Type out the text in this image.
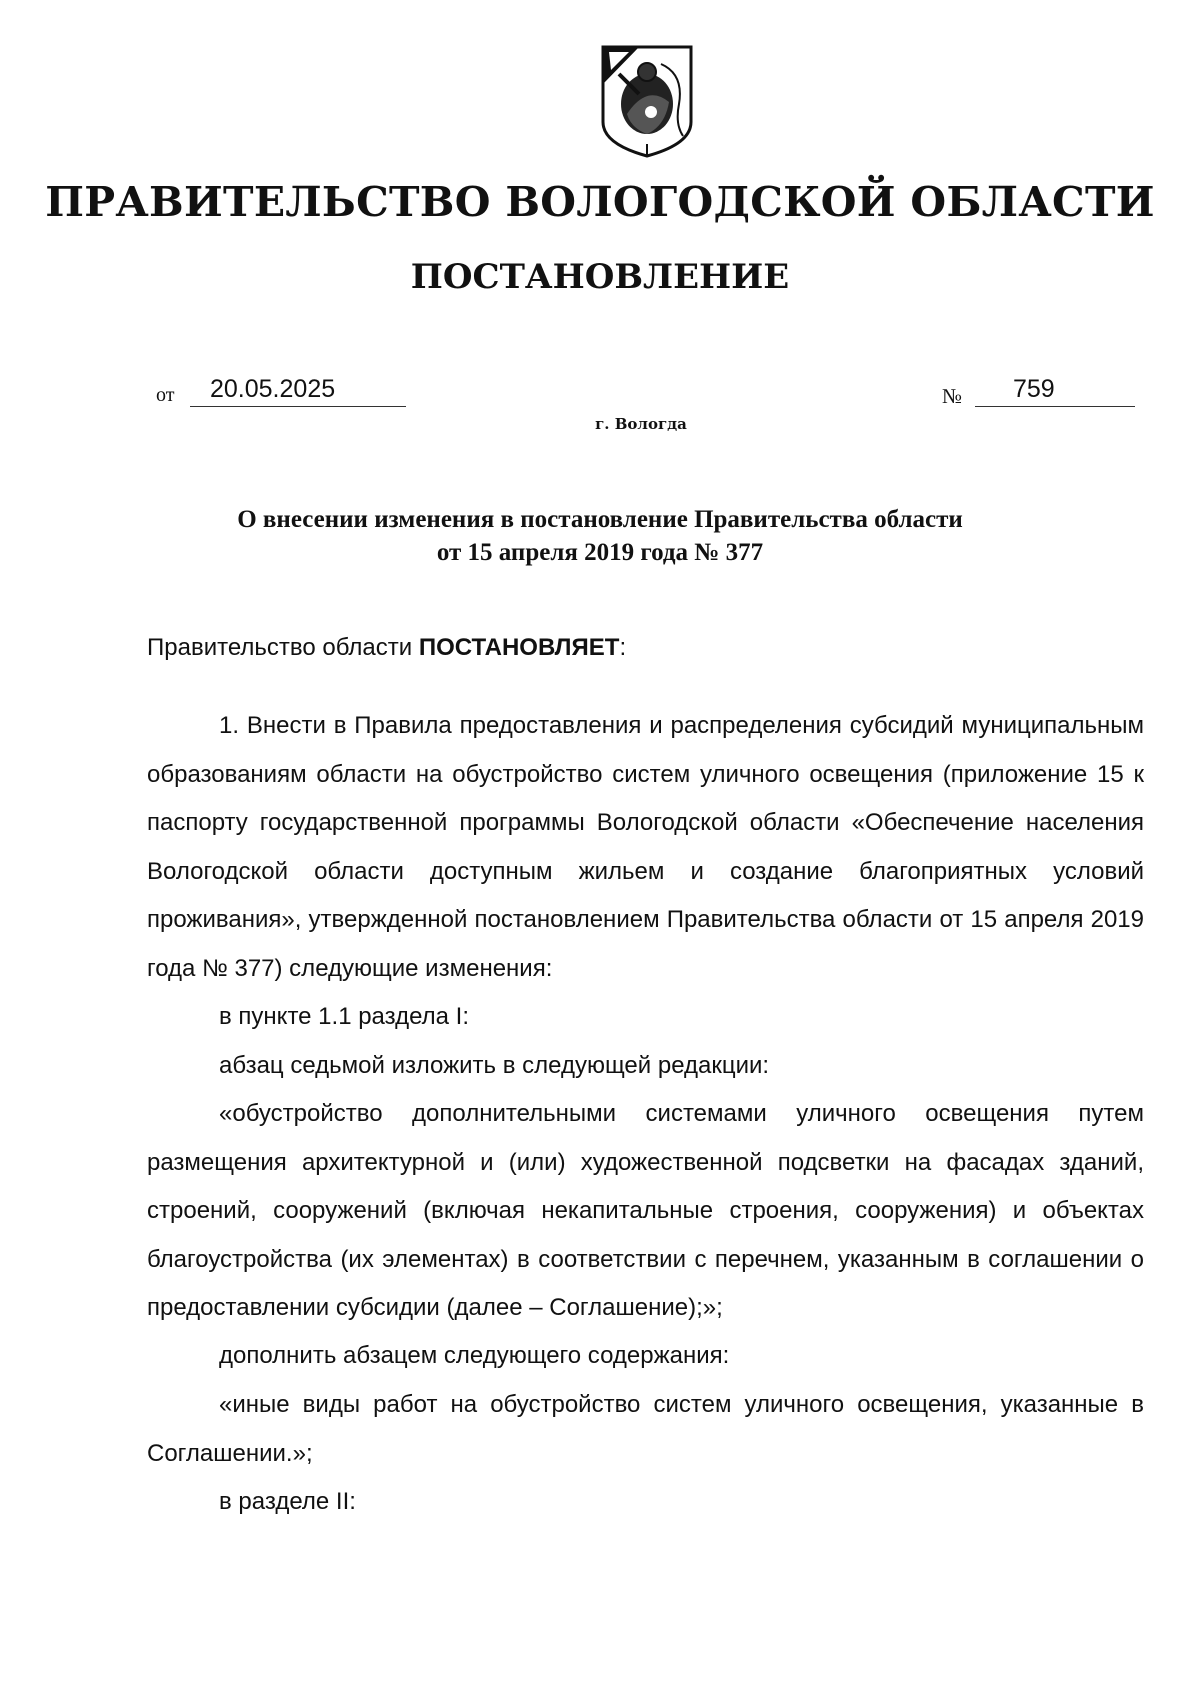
ПРАВИТЕЛЬСТВО ВОЛОГОДСКОЙ ОБЛАСТИ
ПОСТАНОВЛЕНИЕ
от	20.05.2025	№	759
г. Вологда
О внесении изменения в постановление Правительства области
от 15 апреля 2019 года № 377
Правительство области ПОСТАНОВЛЯЕТ:
1. Внести в Правила предоставления и распределения субсидий муниципальным образованиям области на обустройство систем уличного освещения (приложение 15 к паспорту государственной программы Вологодской области «Обеспечение населения Вологодской области доступным жильем и создание благоприятных условий проживания», утвержденной постановлением Правительства области от 15 апреля 2019 года № 377) следующие изменения:
в пункте 1.1 раздела I:
абзац седьмой изложить в следующей редакции:
«обустройство дополнительными системами уличного освещения путем размещения архитектурной и (или) художественной подсветки на фасадах зданий, строений, сооружений (включая некапитальные строения, сооружения) и объектах благоустройства (их элементах) в соответствии с перечнем, указанным в соглашении о предоставлении субсидии (далее – Соглашение);»;
дополнить абзацем следующего содержания:
«иные виды работ на обустройство систем уличного освещения, указанные в Соглашении.»;
в разделе II:
